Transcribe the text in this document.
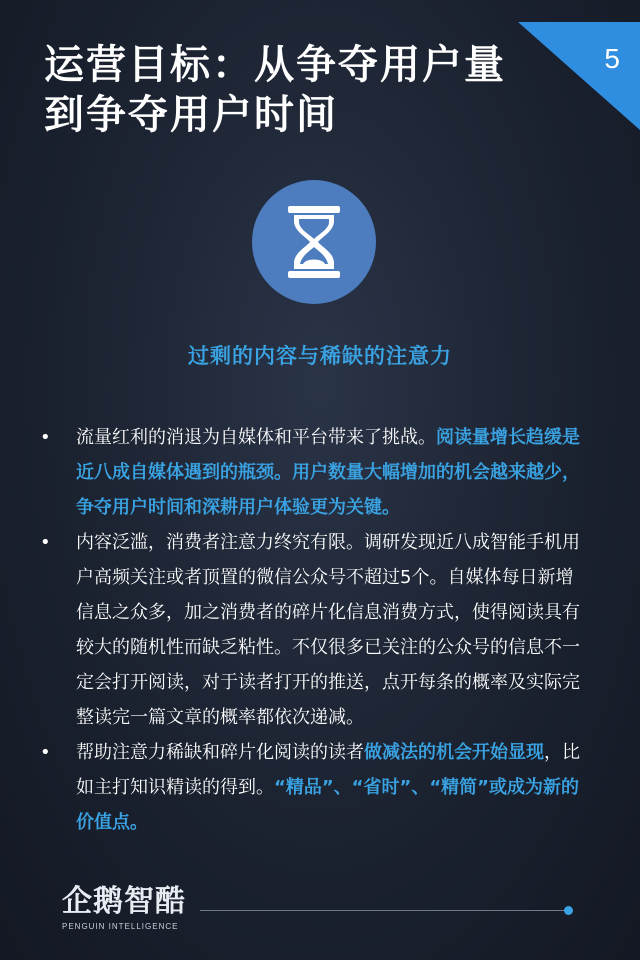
运营目标：从争夺用户量
到争夺用户时间
5
过剩的内容与稀缺的注意力
• 流量红利的消退为自媒体和平台带来了挑战。阅读量增长趋缓是近八成自媒体遇到的瓶颈。用户数量大幅增加的机会越来越少，争夺用户时间和深耕用户体验更为关键。
• 内容泛滥，消费者注意力终究有限。调研发现近八成智能手机用户高频关注或者顶置的微信公众号不超过5个。自媒体每日新增信息之众多，加之消费者的碎片化信息消费方式，使得阅读具有较大的随机性而缺乏粘性。不仅很多已关注的公众号的信息不一定会打开阅读，对于读者打开的推送，点开每条的概率及实际完整读完一篇文章的概率都依次递减。
• 帮助注意力稀缺和碎片化阅读的读者做减法的机会开始显现，比如主打知识精读的得到。“精品”、“省时”、“精简”或成为新的价值点。
企鹅智酷
PENGUIN INTELLIGENCE
